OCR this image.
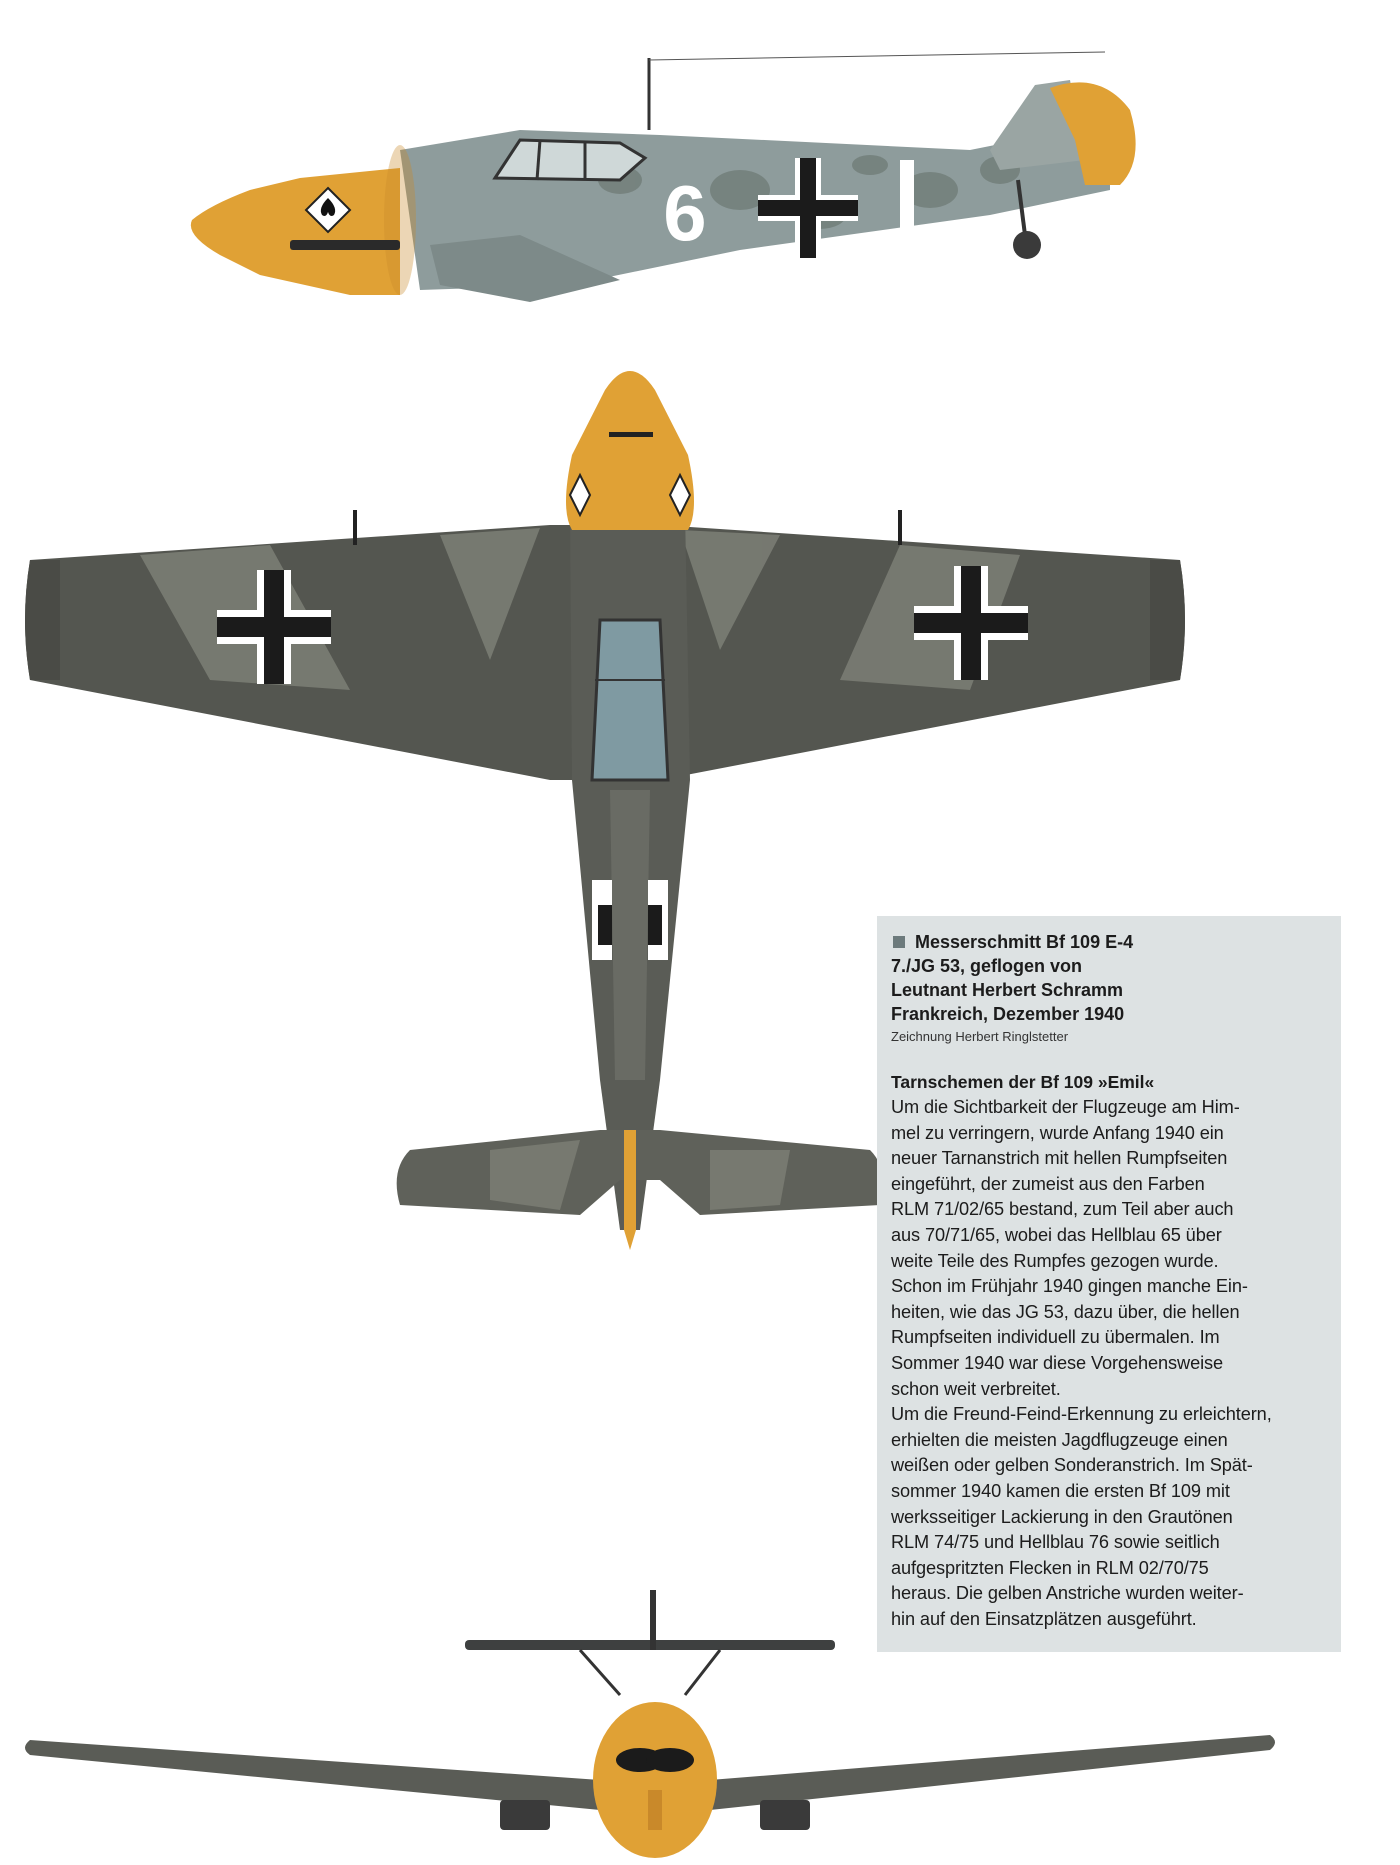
6

Messerschmitt Bf 109 E-4

7./JG 53, geflogen von

Leutnant Herbert Schramm

Frankreich, Dezember 1940

Zeichnung Herbert Ringlstetter

Tarnschemen der Bf 109 »Emil«

Um die Sichtbarkeit der Flugzeuge am Him-

mel zu verringern, wurde Anfang 1940 ein

neuer Tarnanstrich mit hellen Rumpfseiten

eingeführt, der zumeist aus den Farben

RLM 71/02/65 bestand, zum Teil aber auch

aus 70/71/65, wobei das Hellblau 65 über

weite Teile des Rumpfes gezogen wurde.

Schon im Frühjahr 1940 gingen manche Ein-

heiten, wie das JG 53, dazu über, die hellen

Rumpfseiten individuell zu übermalen. Im

Sommer 1940 war diese Vorgehensweise

schon weit verbreitet.

Um die Freund-Feind-Erkennung zu erleichtern,

erhielten die meisten Jagdflugzeuge einen

weißen oder gelben Sonderanstrich. Im Spät-

sommer 1940 kamen die ersten Bf 109 mit

werksseitiger Lackierung in den Grautönen

RLM 74/75 und Hellblau 76 sowie seitlich

aufgespritzten Flecken in RLM 02/70/75

heraus. Die gelben Anstriche wurden weiter-

hin auf den Einsatzplätzen ausgeführt.
